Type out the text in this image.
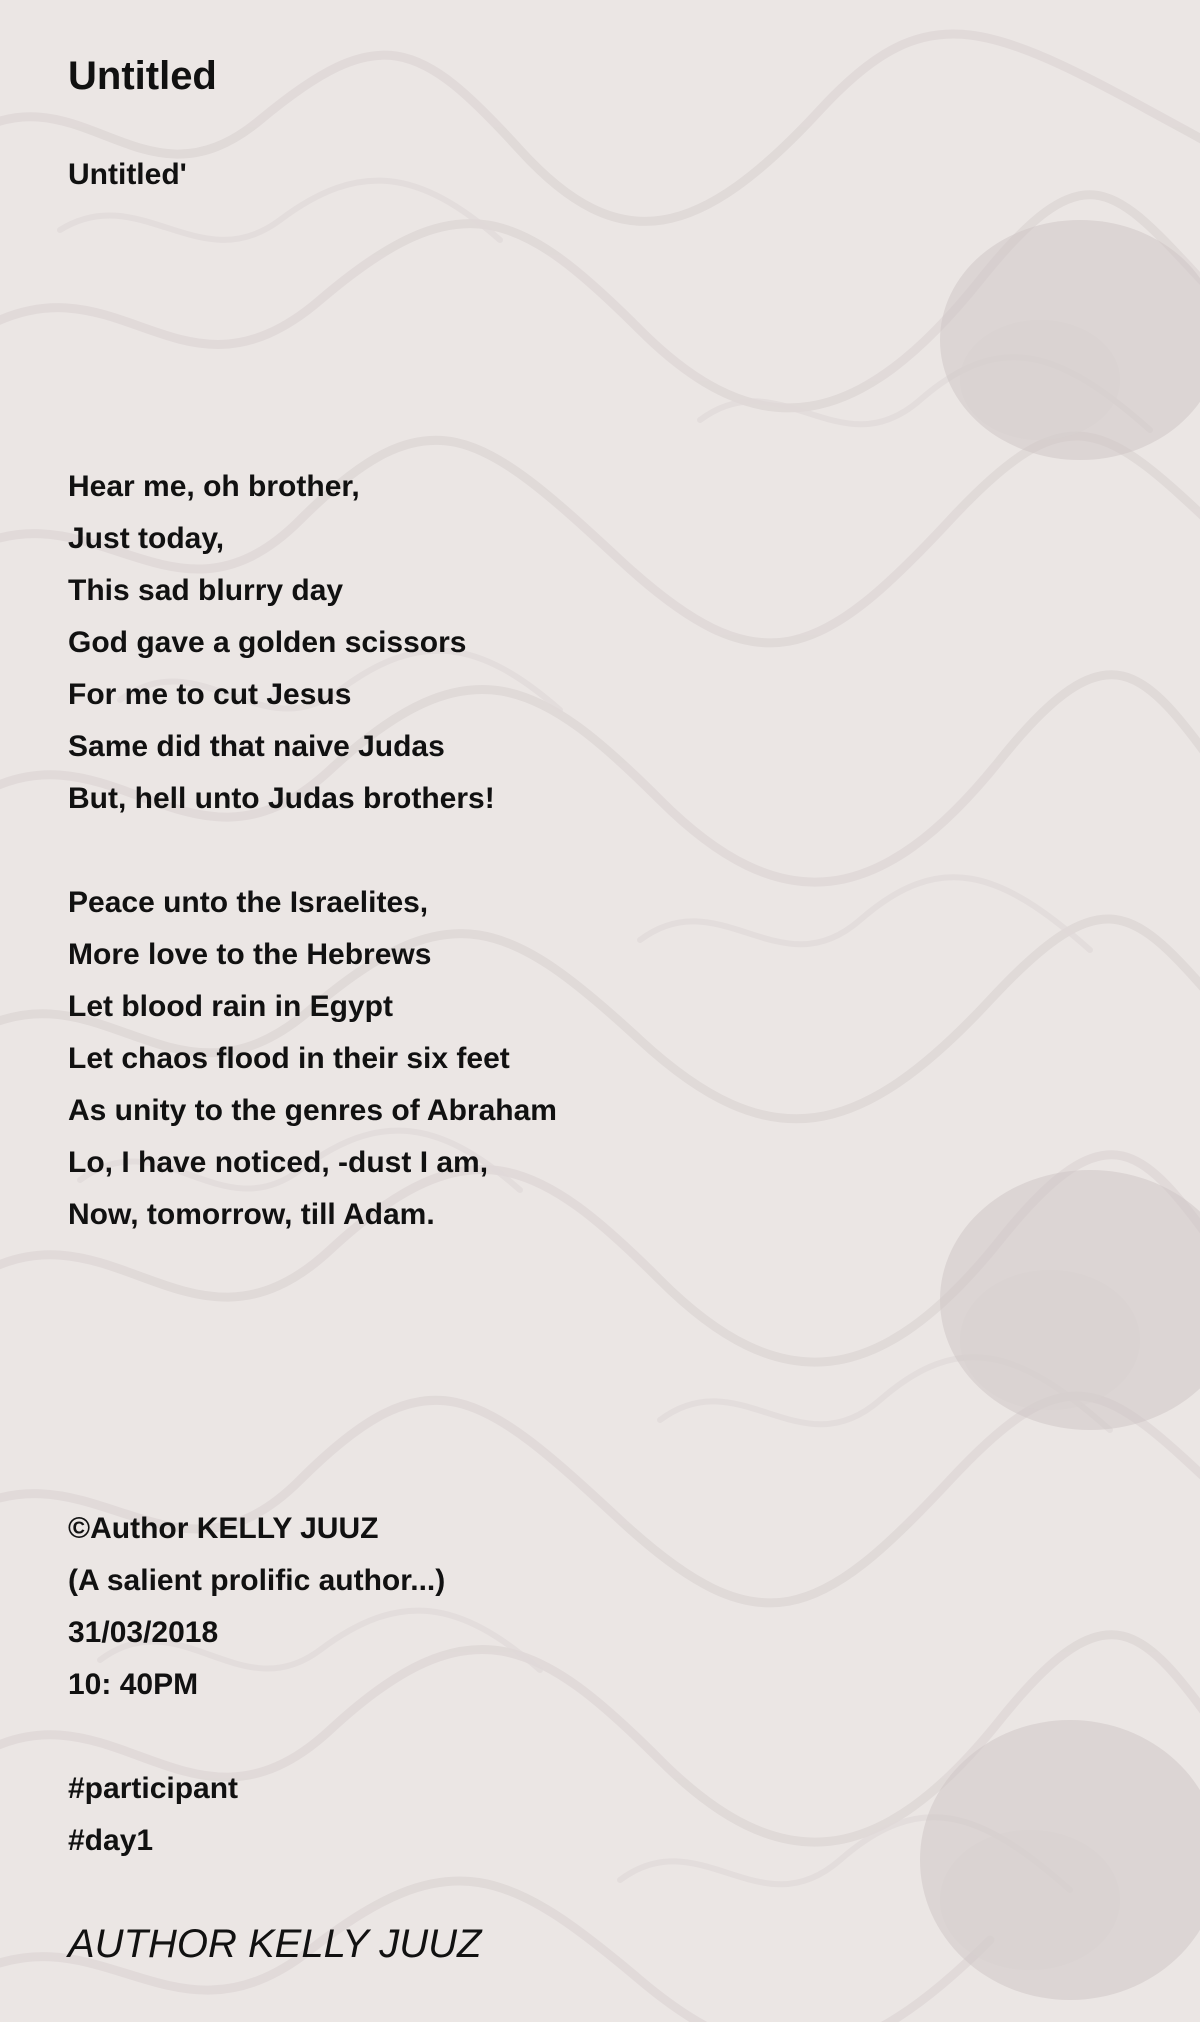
Untitled
Untitled'
Hear me, oh brother,
Just today,
This sad blurry day
God gave a golden scissors
For me to cut Jesus
Same did that naive Judas
But, hell unto Judas brothers!
Peace unto the Israelites,
More love to the Hebrews
Let blood rain in Egypt
Let chaos flood in their six feet
As unity to the genres of Abraham
Lo, I have noticed, -dust I am,
Now, tomorrow, till Adam.
©Author KELLY JUUZ
(A salient prolific author...)
31/03/2018
10: 40PM
#participant
#day1

AUTHOR KELLY JUUZ
